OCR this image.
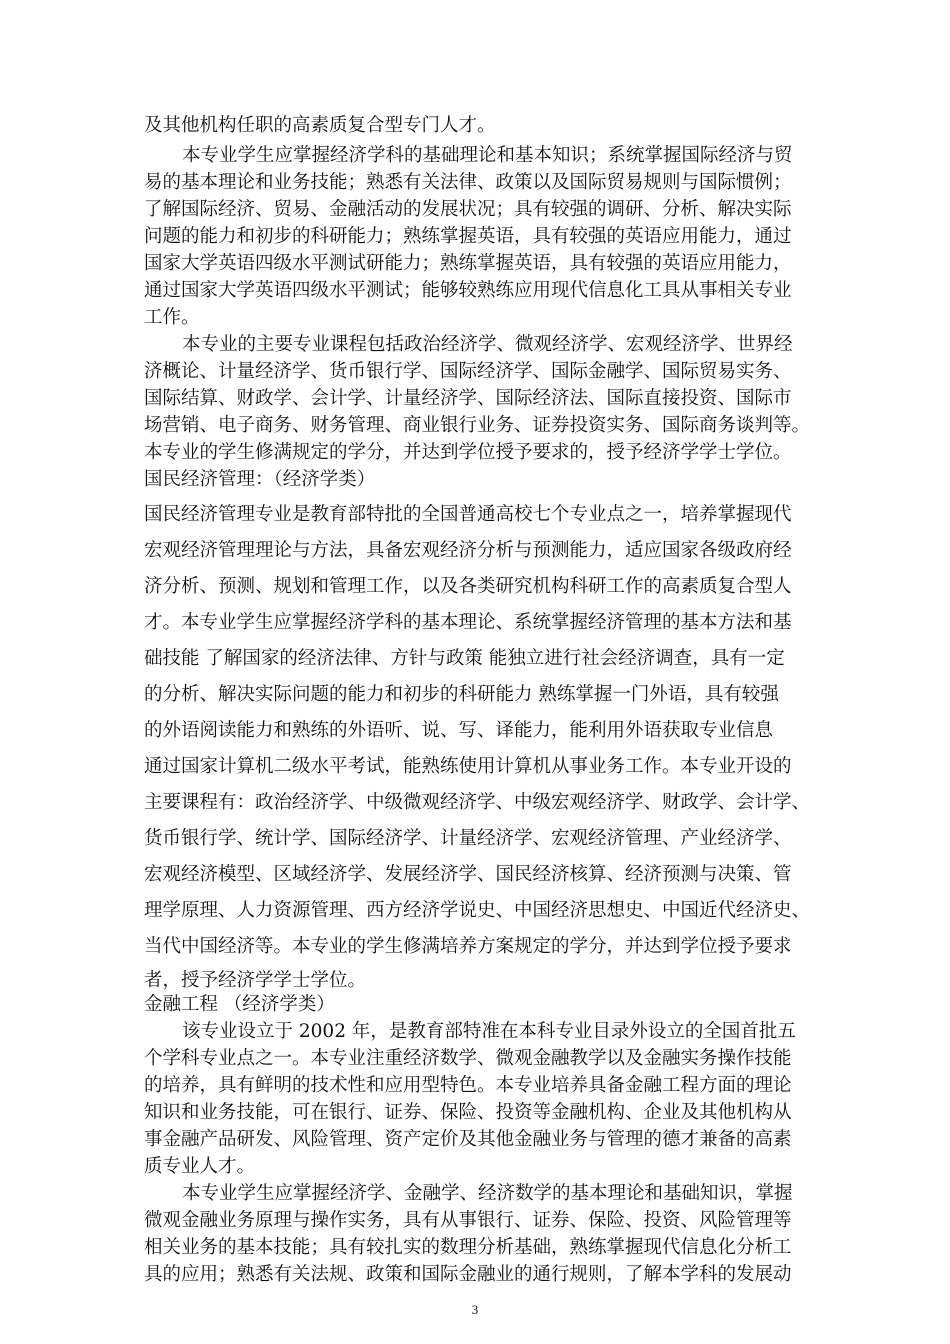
及其他机构任职的高素质复合型专门人才。
本专业学生应掌握经济学科的基础理论和基本知识；系统掌握国际经济与贸
易的基本理论和业务技能；熟悉有关法律、政策以及国际贸易规则与国际惯例；
了解国际经济、贸易、金融活动的发展状况；具有较强的调研、分析、解决实际
问题的能力和初步的科研能力；熟练掌握英语，具有较强的英语应用能力，通过
国家大学英语四级水平测试研能力；熟练掌握英语，具有较强的英语应用能力，
通过国家大学英语四级水平测试；能够较熟练应用现代信息化工具从事相关专业
工作。
本专业的主要专业课程包括政治经济学、微观经济学、宏观经济学、世界经
济概论、计量经济学、货币银行学、国际经济学、国际金融学、国际贸易实务、
国际结算、财政学、会计学、计量经济学、国际经济法、国际直接投资、国际市
场营销、电子商务、财务管理、商业银行业务、证券投资实务、国际商务谈判等。
本专业的学生修满规定的学分，并达到学位授予要求的，授予经济学学士学位。
国民经济管理：（经济学类）
国民经济管理专业是教育部特批的全国普通高校七个专业点之一，培养掌握现代
宏观经济管理理论与方法，具备宏观经济分析与预测能力，适应国家各级政府经
济分析、预测、规划和管理工作，以及各类研究机构科研工作的高素质复合型人
才。本专业学生应掌握经济学科的基本理论、系统掌握经济管理的基本方法和基
础技能 了解国家的经济法律、方针与政策 能独立进行社会经济调查，具有一定
的分析、解决实际问题的能力和初步的科研能力 熟练掌握一门外语，具有较强
的外语阅读能力和熟练的外语听、说、写、译能力，能利用外语获取专业信息
通过国家计算机二级水平考试，能熟练使用计算机从事业务工作。本专业开设的
主要课程有：政治经济学、中级微观经济学、中级宏观经济学、财政学、会计学、
货币银行学、统计学、国际经济学、计量经济学、宏观经济管理、产业经济学、
宏观经济模型、区域经济学、发展经济学、国民经济核算、经济预测与决策、管
理学原理、人力资源管理、西方经济学说史、中国经济思想史、中国近代经济史、
当代中国经济等。本专业的学生修满培养方案规定的学分，并达到学位授予要求
者，授予经济学学士学位。
金融工程 （经济学类）
该专业设立于 2002 年，是教育部特准在本科专业目录外设立的全国首批五
个学科专业点之一。本专业注重经济数学、微观金融教学以及金融实务操作技能
的培养，具有鲜明的技术性和应用型特色。本专业培养具备金融工程方面的理论
知识和业务技能，可在银行、证券、保险、投资等金融机构、企业及其他机构从
事金融产品研发、风险管理、资产定价及其他金融业务与管理的德才兼备的高素
质专业人才。
本专业学生应掌握经济学、金融学、经济数学的基本理论和基础知识，掌握
微观金融业务原理与操作实务，具有从事银行、证券、保险、投资、风险管理等
相关业务的基本技能；具有较扎实的数理分析基础，熟练掌握现代信息化分析工
具的应用；熟悉有关法规、政策和国际金融业的通行规则，了解本学科的发展动
3
